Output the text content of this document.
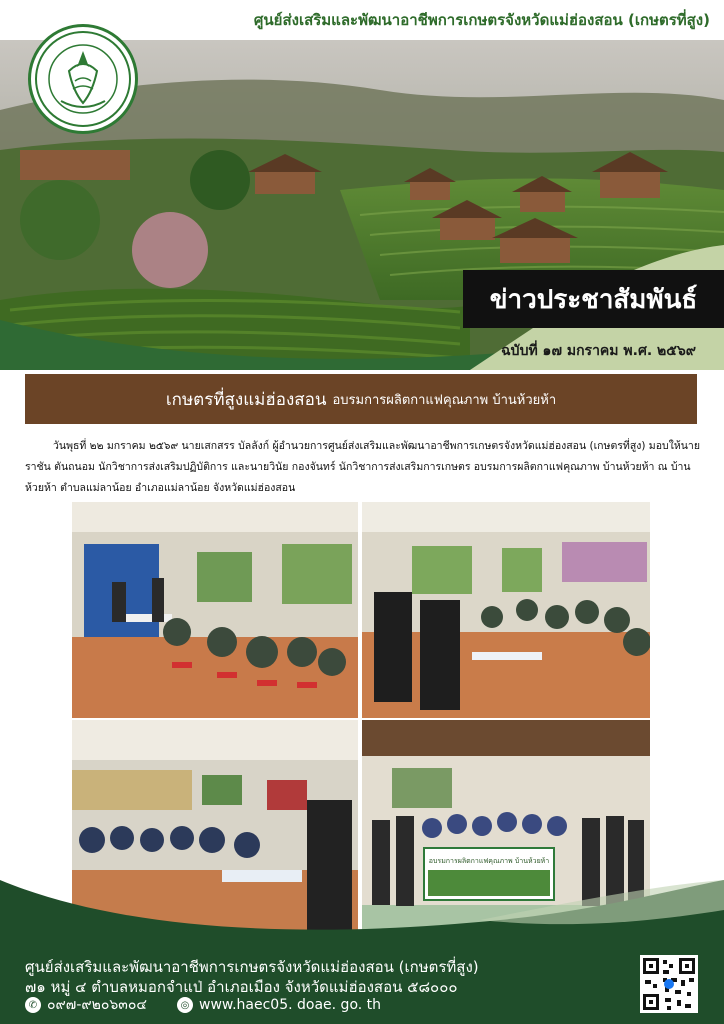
ศูนย์ส่งเสริมและพัฒนาอาชีพการเกษตรจังหวัดแม่ฮ่องสอน (เกษตรที่สูง)
ข่าวประชาสัมพันธ์
ฉบับที่ ๑๗ มกราคม พ.ศ. ๒๕๖๙
เกษตรที่สูงแม่ฮ่องสอน อบรมการผลิตกาแฟคุณภาพ บ้านห้วยห้า
วันพุธที่ ๒๒ มกราคม ๒๕๖๙ นายเสกสรร บัลลังก์ ผู้อำนวยการศูนย์ส่งเสริมและพัฒนาอาชีพการเกษตรจังหวัดแม่ฮ่องสอน (เกษตรที่สูง) มอบให้นายราชัน ตันถนอม นักวิชาการส่งเสริมปฏิบัติการ และนายวินัย กองจันทร์ นักวิชาการส่งเสริมการเกษตร อบรมการผลิตกาแฟคุณภาพ บ้านห้วยห้า ณ บ้านห้วยห้า ตำบลแม่ลาน้อย อำเภอแม่ลาน้อย จังหวัดแม่ฮ่องสอน
อบรมการผลิตกาแฟคุณภาพ บ้านห้วยห้า
ศูนย์ส่งเสริมและพัฒนาอาชีพการเกษตรจังหวัดแม่ฮ่องสอน (เกษตรที่สูง)
๗๑ หมู่ ๔ ตำบลหมอกจำแป่ อำเภอเมือง จังหวัดแม่ฮ่องสอน ๕๘๐๐๐
✆ ๐๙๗-๙๒๐๖๓๐๔	◎ www.haec05. doae. go. th
